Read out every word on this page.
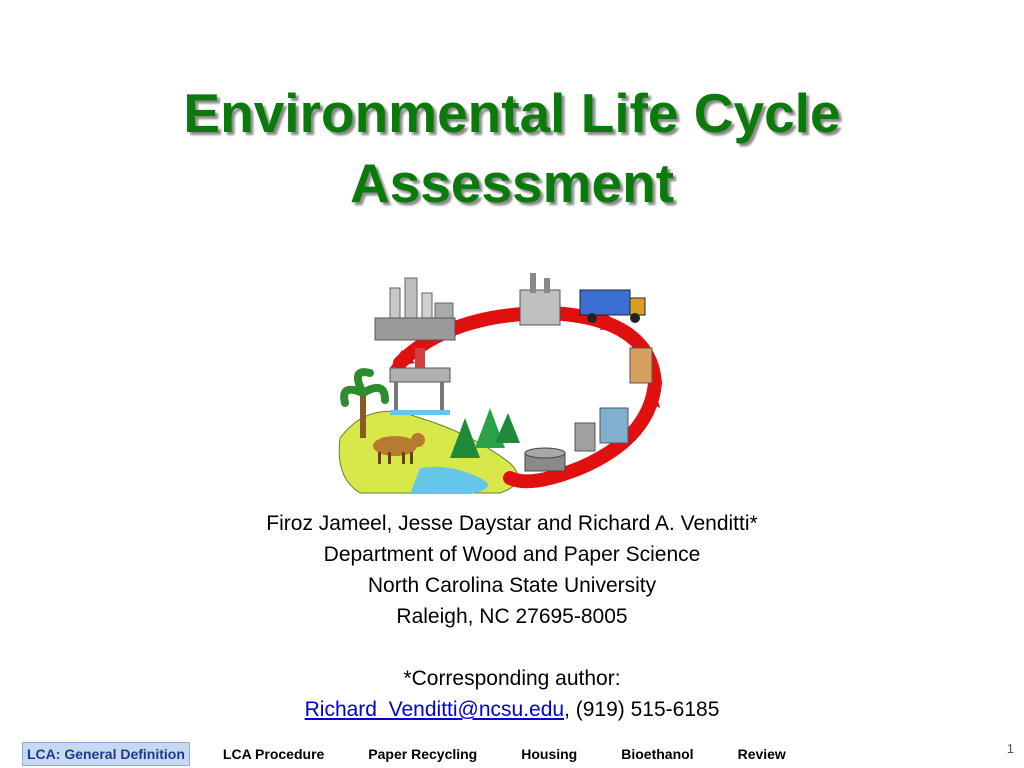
Environmental Life Cycle
Assessment
Firoz Jameel, Jesse Daystar and Richard A. Venditti*
Department of Wood and Paper Science
North Carolina State University
Raleigh, NC 27695-8005
*Corresponding author:
Richard_Venditti@ncsu.edu, (919) 515-6185
LCA: General Definition	LCA Procedure	Paper Recycling	Housing	Bioethanol	Review	1
